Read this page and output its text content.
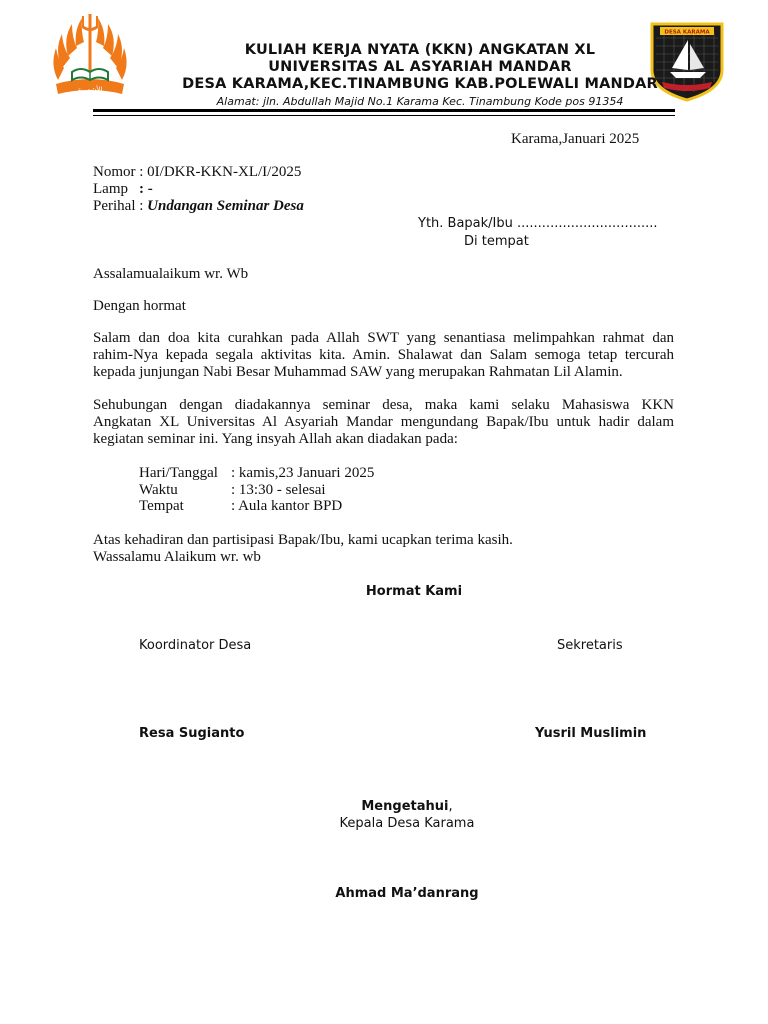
الأشعرية
DESA KARAMA
KULIAH KERJA NYATA (KKN) ANGKATAN XL
UNIVERSITAS AL ASYARIAH MANDAR
DESA KARAMA,KEC.TINAMBUNG KAB.POLEWALI MANDAR
Alamat: jln. Abdullah Majid No.1 Karama Kec. Tinambung Kode pos 91354
Karama,Januari 2025
Nomor : 0I/DKR-KKN-XL/I/2025
Lamp : -
Perihal : Undangan Seminar Desa
Yth. Bapak/Ibu ..................................
Di tempat
Assalamualaikum wr. Wb
Dengan hormat
Salam dan doa kita curahkan pada Allah SWT yang senantiasa melimpahkan rahmat dan
rahim-Nya kepada segala aktivitas kita. Amin. Shalawat dan Salam semoga tetap tercurah
kepada junjungan Nabi Besar Muhammad SAW yang merupakan Rahmatan Lil Alamin.
Sehubungan dengan diadakannya seminar desa, maka kami selaku Mahasiswa KKN
Angkatan XL Universitas Al Asyariah Mandar mengundang Bapak/Ibu untuk hadir dalam
kegiatan seminar ini. Yang insyah Allah akan diadakan pada:
Hari/Tanggal : kamis,23 Januari 2025
Waktu	: 13:30 - selesai
Tempat	: Aula kantor BPD
Atas kehadiran dan partisipasi Bapak/Ibu, kami ucapkan terima kasih.
Wassalamu Alaikum wr. wb
Hormat Kami
Koordinator Desa	Sekretaris
Resa Sugianto	Yusril Muslimin
Mengetahui,
Kepala Desa Karama
Ahmad Ma’danrang
